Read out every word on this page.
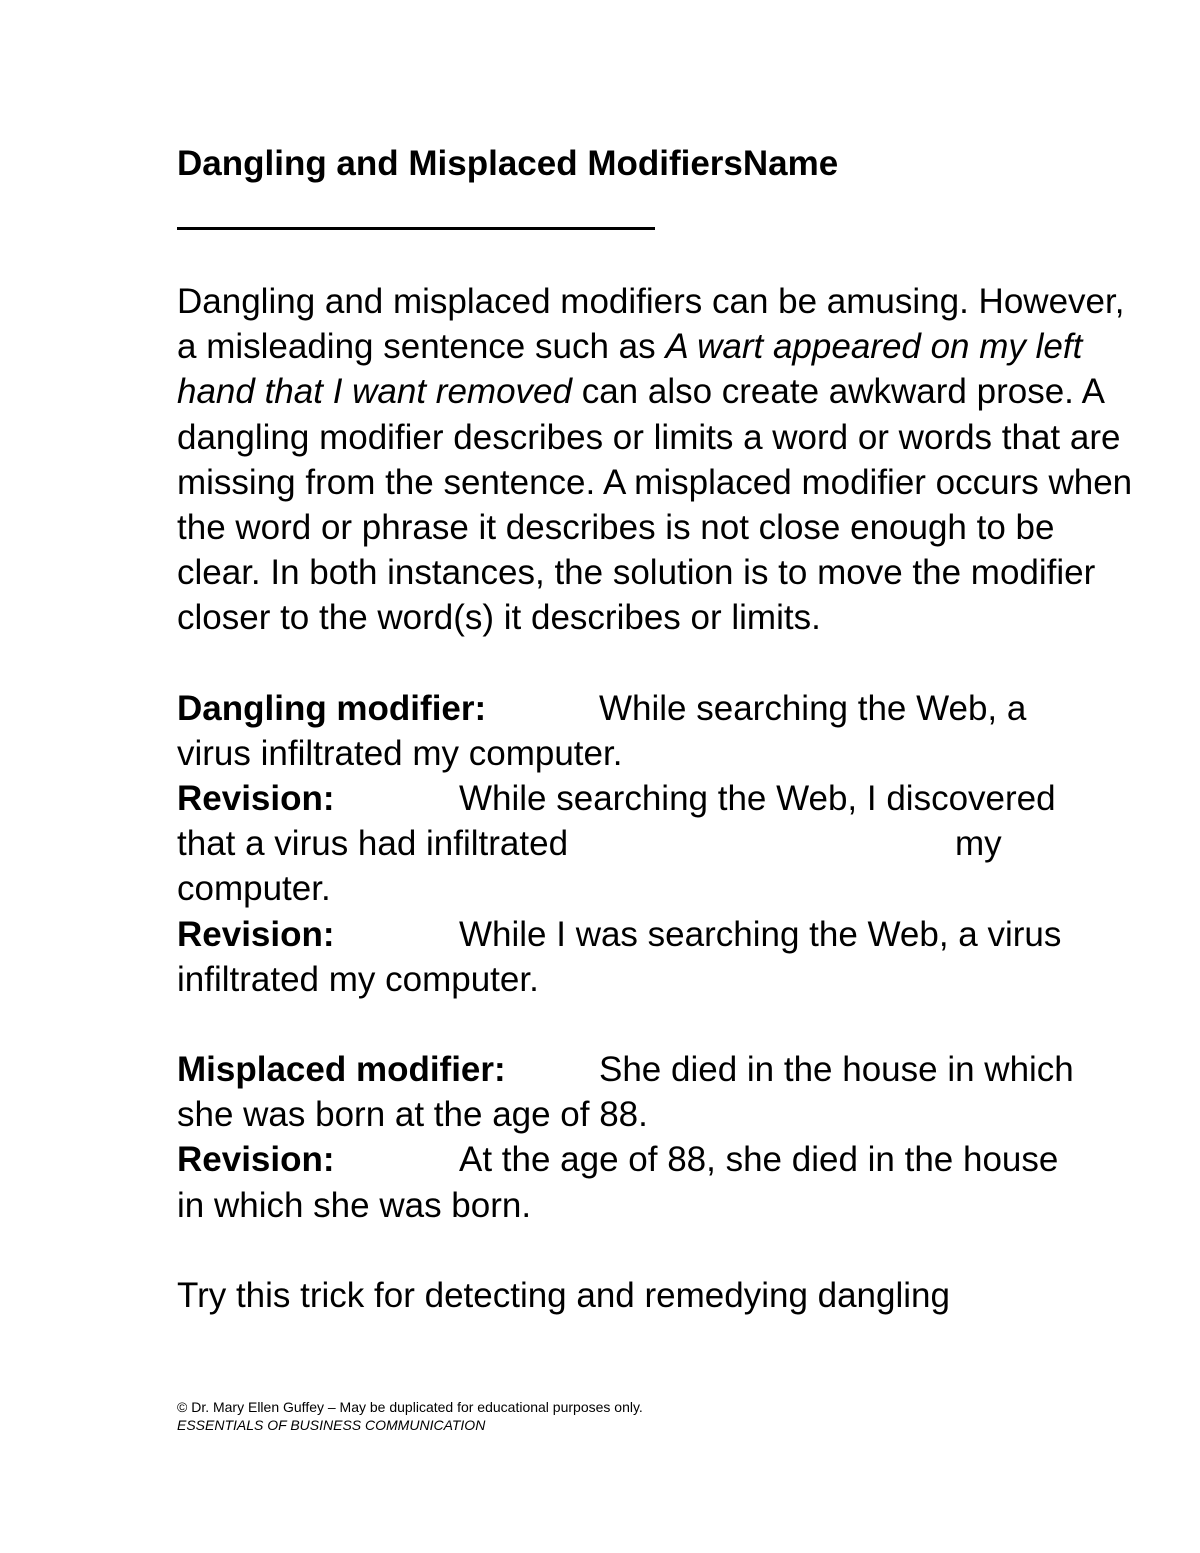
Dangling and Misplaced ModifiersName
Dangling and misplaced modifiers can be amusing. However, a misleading sentence such as A wart appeared on my left hand that I want removed can also create awkward prose. A dangling modifier describes or limits a word or words that are missing from the sentence. A misplaced modifier occurs when the word or phrase it describes is not close enough to be clear. In both instances, the solution is to move the modifier closer to the word(s) it describes or limits.
Dangling modifier:	While searching the Web, a
virus infiltrated my computer.
Revision:	While searching the Web, I discovered
that a virus had infiltrated	my
computer.
Revision:	While I was searching the Web, a virus
infiltrated my computer.
Misplaced modifier:	She died in the house in which
she was born at the age of 88.
Revision:	At the age of 88, she died in the house
in which she was born.
Try this trick for detecting and remedying dangling
© Dr. Mary Ellen Guffey – May be duplicated for educational purposes only.
ESSENTIALS OF BUSINESS COMMUNICATION
